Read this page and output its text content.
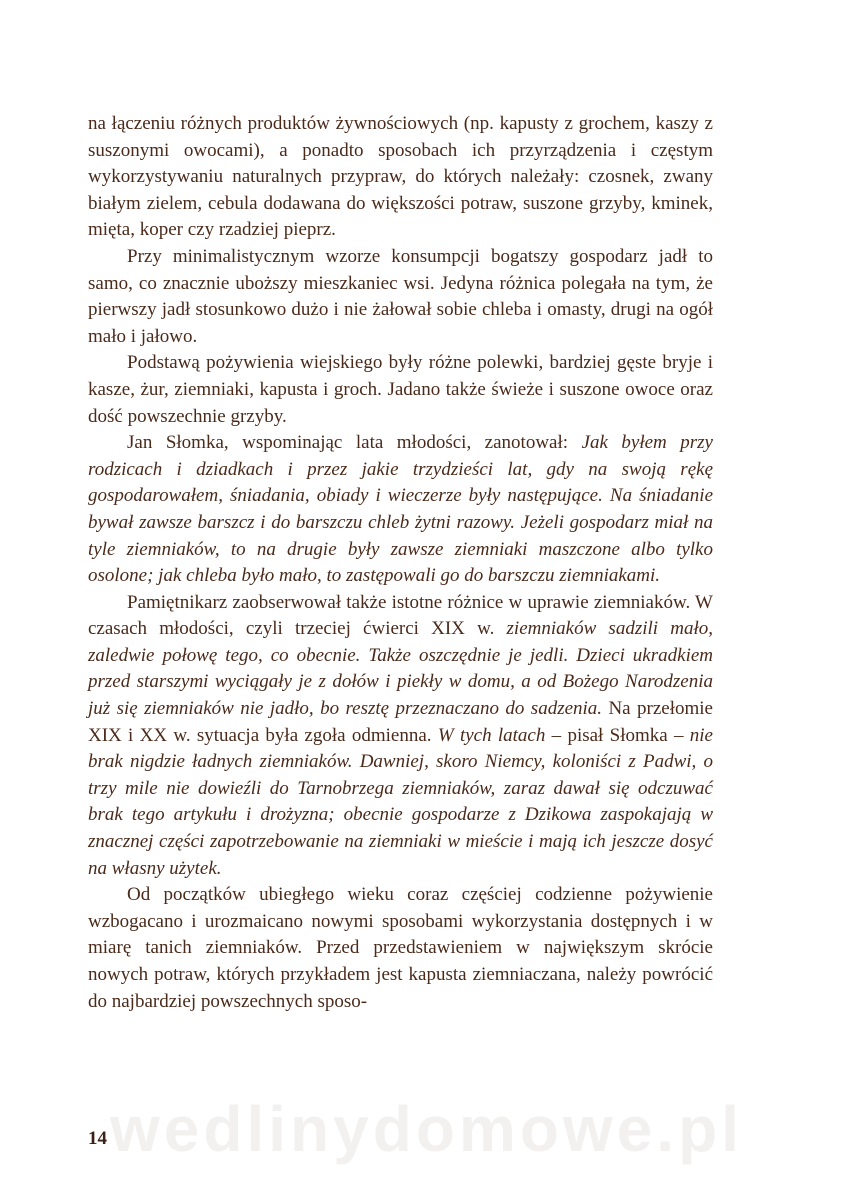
na łączeniu różnych produktów żywnościowych (np. kapusty z grochem, kaszy z suszonymi owocami), a ponadto sposobach ich przyrządzenia i częstym wykorzystywaniu naturalnych przypraw, do których należały: czosnek, zwany białym zielem, cebula dodawana do większości potraw, suszone grzyby, kminek, mięta, koper czy rzadziej pieprz.

Przy minimalistycznym wzorze konsumpcji bogatszy gospodarz jadł to samo, co znacznie uboższy mieszkaniec wsi. Jedyna różnica polegała na tym, że pierwszy jadł stosunkowo dużo i nie żałował sobie chleba i omasty, drugi na ogół mało i jałowo.

Podstawą pożywienia wiejskiego były różne polewki, bardziej gęste bryje i kasze, żur, ziemniaki, kapusta i groch. Jadano także świeże i suszone owoce oraz dość powszechnie grzyby.

Jan Słomka, wspominając lata młodości, zanotował: Jak byłem przy rodzicach i dziadkach i przez jakie trzydzieści lat, gdy na swoją rękę gospodarowałem, śniadania, obiady i wieczerze były następujące. Na śniadanie bywał zawsze barszcz i do barszczu chleb żytni razowy. Jeżeli gospodarz miał na tyle ziemniaków, to na drugie były zawsze ziemniaki maszczone albo tylko osolone; jak chleba było mało, to zastępowali go do barszczu ziemniakami.

Pamiętnikarz zaobserwował także istotne różnice w uprawie ziemniaków. W czasach młodości, czyli trzeciej ćwierci XIX w. ziemniaków sadzili mało, zaledwie połowę tego, co obecnie. Także oszczędnie je jedli. Dzieci ukradkiem przed starszymi wyciągały je z dołów i piekły w domu, a od Bożego Narodzenia już się ziemniaków nie jadło, bo resztę przeznaczano do sadzenia. Na przełomie XIX i XX w. sytuacja była zgoła odmienna. W tych latach – pisał Słomka – nie brak nigdzie ładnych ziemniaków. Dawniej, skoro Niemcy, koloniści z Padwi, o trzy mile nie dowieźli do Tarnobrzega ziemniaków, zaraz dawał się odczuwać brak tego artykułu i drożyzna; obecnie gospodarze z Dzikowa zaspokajają w znacznej części zapotrzebowanie na ziemniaki w mieście i mają ich jeszcze dosyć na własny użytek.

Od początków ubiegłego wieku coraz częściej codzienne pożywienie wzbogacano i urozmaicano nowymi sposobami wykorzystania dostępnych i w miarę tanich ziemniaków. Przed przedstawieniem w największym skrócie nowych potraw, których przykładem jest kapusta ziemniaczana, należy powrócić do najbardziej powszechnych sposo-

wedlinydomowe.pl
14
